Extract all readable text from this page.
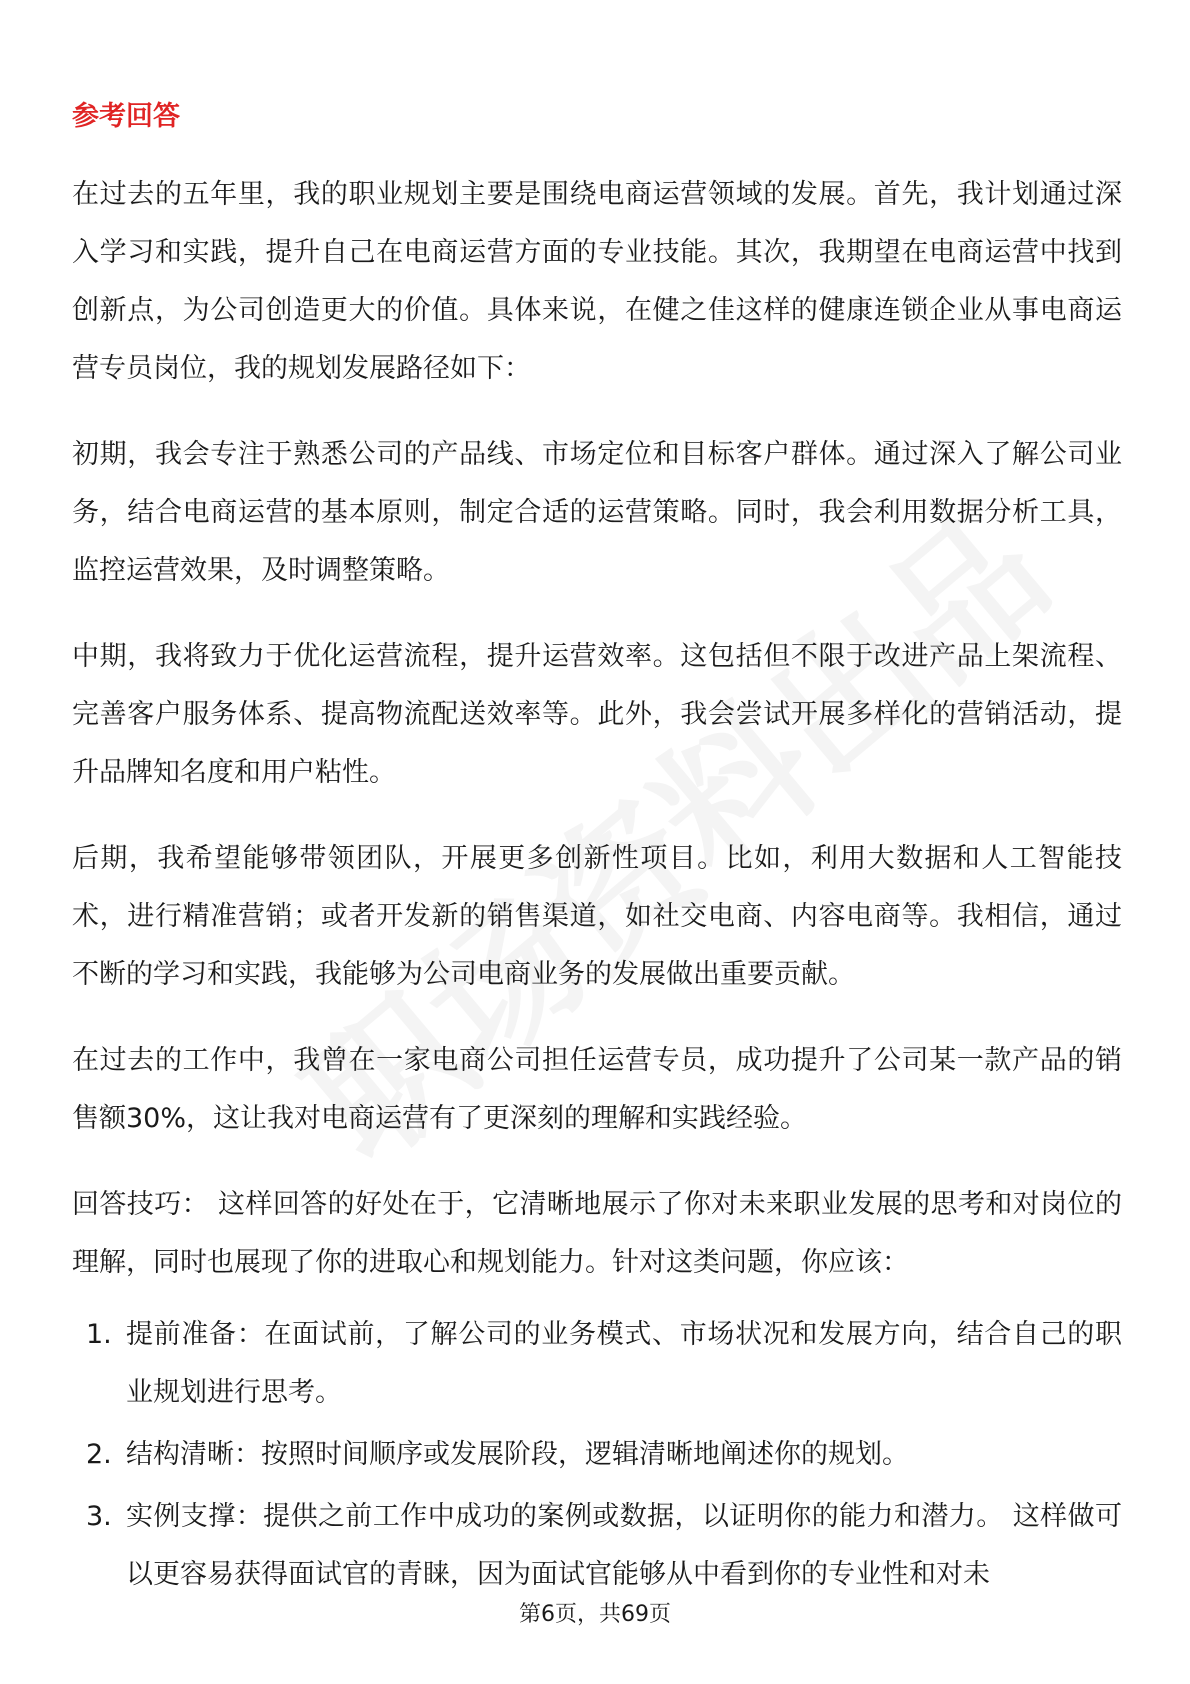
参考回答

在过去的五年里，我的职业规划主要是围绕电商运营领域的发展。首先，我计划通过深入学习和实践，提升自己在电商运营方面的专业技能。其次，我期望在电商运营中找到创新点，为公司创造更大的价值。具体来说，在健之佳这样的健康连锁企业从事电商运营专员岗位，我的规划发展路径如下：

初期，我会专注于熟悉公司的产品线、市场定位和目标客户群体。通过深入了解公司业务，结合电商运营的基本原则，制定合适的运营策略。同时，我会利用数据分析工具，监控运营效果，及时调整策略。

中期，我将致力于优化运营流程，提升运营效率。这包括但不限于改进产品上架流程、完善客户服务体系、提高物流配送效率等。此外，我会尝试开展多样化的营销活动，提升品牌知名度和用户粘性。

后期，我希望能够带领团队，开展更多创新性项目。比如，利用大数据和人工智能技术，进行精准营销；或者开发新的销售渠道，如社交电商、内容电商等。我相信，通过不断的学习和实践，我能够为公司电商业务的发展做出重要贡献。

在过去的工作中，我曾在一家电商公司担任运营专员，成功提升了公司某一款产品的销售额30%，这让我对电商运营有了更深刻的理解和实践经验。

回答技巧： 这样回答的好处在于，它清晰地展示了你对未来职业发展的思考和对岗位的理解，同时也展现了你的进取心和规划能力。针对这类问题，你应该：

1. 提前准备：在面试前，了解公司的业务模式、市场状况和发展方向，结合自己的职业规划进行思考。
2. 结构清晰：按照时间顺序或发展阶段，逻辑清晰地阐述你的规划。
3. 实例支撑：提供之前工作中成功的案例或数据，以证明你的能力和潜力。 这样做可以更容易获得面试官的青睐，因为面试官能够从中看到你的专业性和对未
第6页，共69页
